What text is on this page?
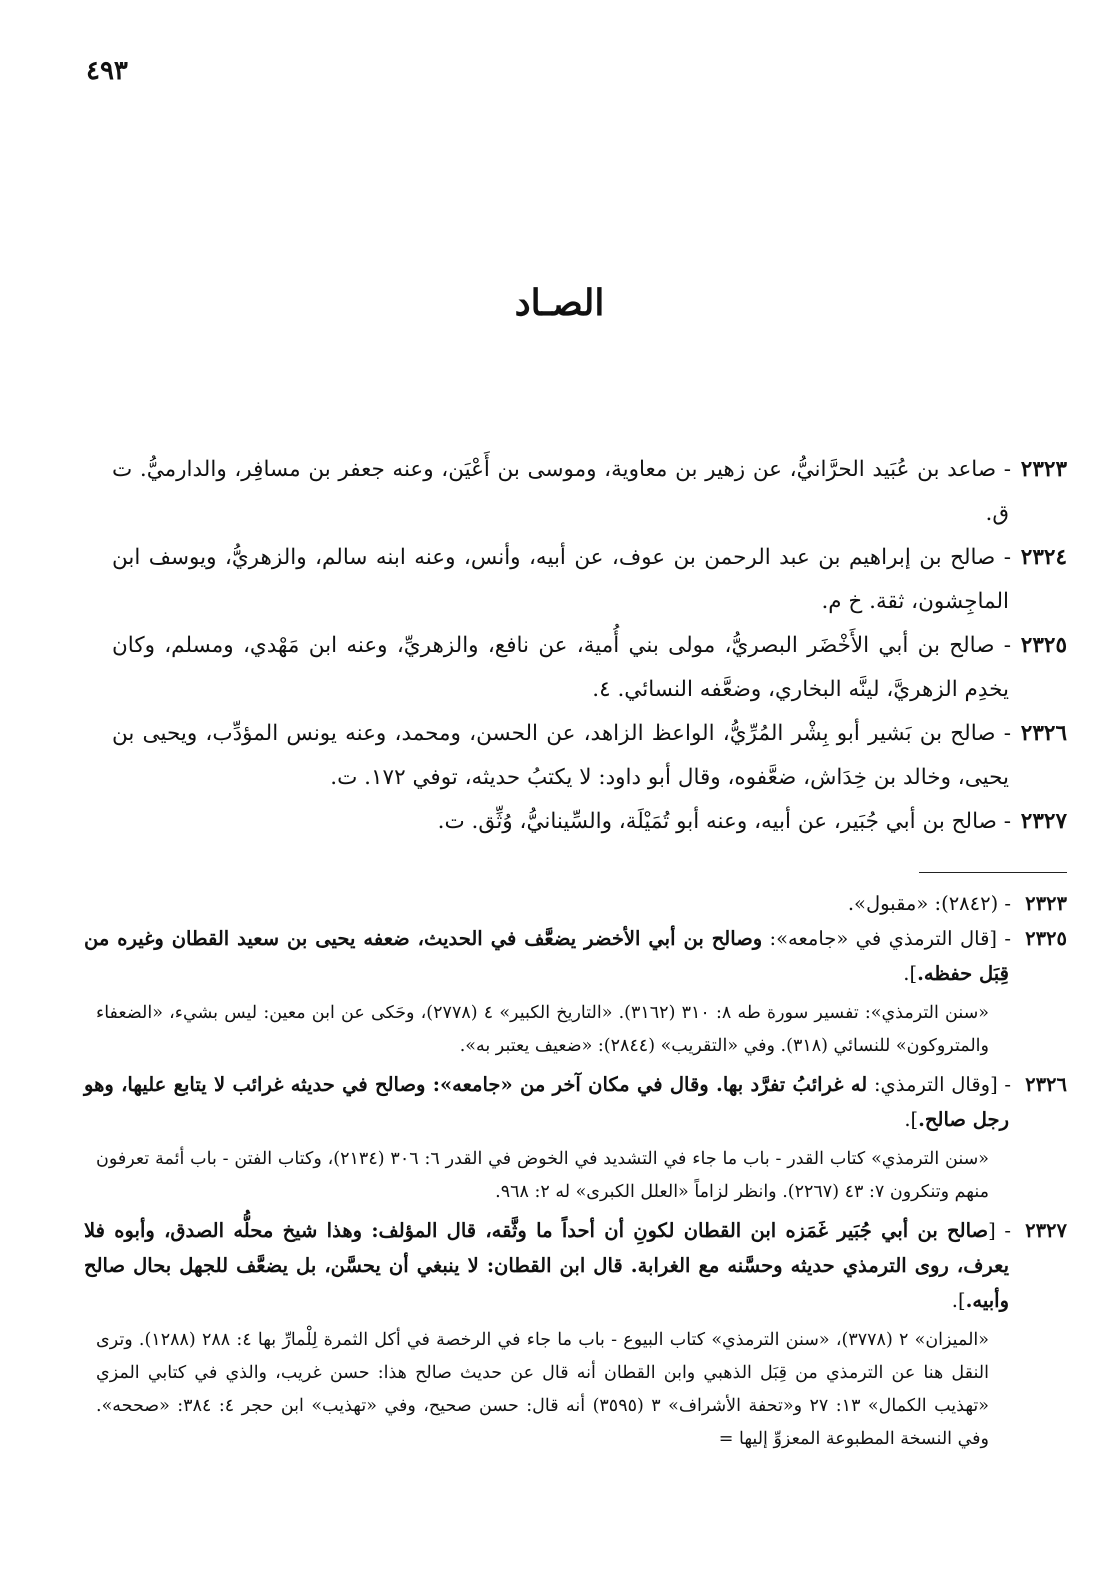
٤٩٣
الصـاد

٢٣٢٣- صاعد بن عُبَيد الحرَّانيُّ، عن زهير بن معاوية، وموسى بن أَعْيَن، وعنه جعفر بن مسافِر، والدارميُّ. ت ق.

٢٣٢٤- صالح بن إبراهيم بن عبد الرحمن بن عوف، عن أبيه، وأنس، وعنه ابنه سالم، والزهريُّ، ويوسف ابن الماجِشون، ثقة. خ م.

٢٣٢٥- صالح بن أبي الأَخْضَر البصريُّ، مولى بني أُمية، عن نافع، والزهريِّ، وعنه ابن مَهْدي، ومسلم، وكان يخدِم الزهريَّ، لينَّه البخاري، وضعَّفه النسائي. ٤.

٢٣٢٦- صالح بن بَشير أبو بِشْر المُرِّيُّ، الواعظ الزاهد، عن الحسن، ومحمد، وعنه يونس المؤدِّب، ويحيى بن يحيى، وخالد بن خِدَاش، ضعَّفوه، وقال أبو داود: لا يكتبُ حديثه، توفي ١٧٢. ت.

٢٣٢٧- صالح بن أبي جُبَير، عن أبيه، وعنه أبو تُمَيْلَة، والسِّينانيُّ، وُثِّق. ت.

٢٣٢٣- (٢٨٤٢): «مقبول».

٢٣٢٥- [قال الترمذي في «جامعه»: وصالح بن أبي الأخضر يضعَّف في الحديث، ضعفه يحيى بن سعيد القطان وغيره من قِبَل حفظه.].

«سنن الترمذي»: تفسير سورة طه ٨: ٣١٠ (٣١٦٢). «التاريخ الكبير» ٤ (٢٧٧٨)، وحَكى عن ابن معين: ليس بشيء، «الضعفاء والمتروكون» للنسائي (٣١٨). وفي «التقريب» (٢٨٤٤): «ضعيف يعتبر به».

٢٣٢٦- [وقال الترمذي: له غرائبُ تفرَّد بها. وقال في مكان آخر من «جامعه»: وصالح في حديثه غرائب لا يتابع عليها، وهو رجل صالح.].

«سنن الترمذي» كتاب القدر - باب ما جاء في التشديد في الخوض في القدر ٦: ٣٠٦ (٢١٣٤)، وكتاب الفتن - باب أئمة تعرفون منهم وتنكرون ٧: ٤٣ (٢٢٦٧). وانظر لزاماً «العلل الكبرى» له ٢: ٩٦٨.

٢٣٢٧- [صالح بن أبي جُبَير غَمَزه ابن القطان لكونِ أن أحداً ما وثَّقه، قال المؤلف: وهذا شيخ محلُّه الصدق، وأبوه فلا يعرف، روى الترمذي حديثه وحسَّنه مع الغرابة. قال ابن القطان: لا ينبغي أن يحسَّن، بل يضعَّف للجهل بحال صالح وأبيه.].

«الميزان» ٢ (٣٧٧٨)، «سنن الترمذي» كتاب البيوع - باب ما جاء في الرخصة في أكل الثمرة لِلْمارِّ بها ٤: ٢٨٨ (١٢٨٨). وترى النقل هنا عن الترمذي من قِبَل الذهبي وابن القطان أنه قال عن حديث صالح هذا: حسن غريب، والذي في كتابي المزي «تهذيب الكمال» ١٣: ٢٧ و«تحفة الأشراف» ٣ (٣٥٩٥) أنه قال: حسن صحيح، وفي «تهذيب» ابن حجر ٤: ٣٨٤: «صححه». وفي النسخة المطبوعة المعزوِّ إليها =
